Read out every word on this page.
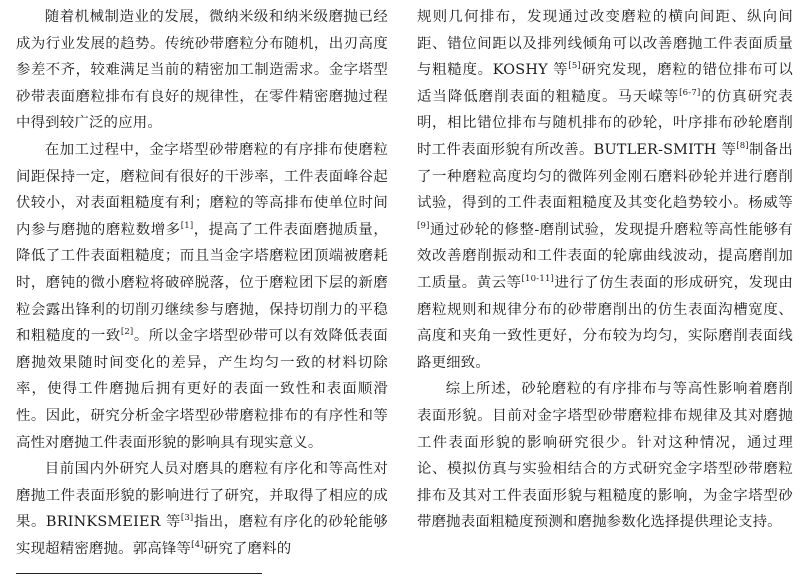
随着机械制造业的发展，微纳米级和纳米级磨抛已经成为行业发展的趋势。传统砂带磨粒分布随机，出刃高度参差不齐，较难满足当前的精密加工制造需求。金字塔型砂带表面磨粒排布有良好的规律性，在零件精密磨抛过程中得到较广泛的应用。

在加工过程中，金字塔型砂带磨粒的有序排布使磨粒间距保持一定，磨粒间有很好的干涉率，工件表面峰谷起伏较小，对表面粗糙度有利；磨粒的等高排布使单位时间内参与磨抛的磨粒数增多[1]，提高了工件表面磨抛质量，降低了工件表面粗糙度；而且当金字塔磨粒团顶端被磨耗时，磨钝的微小磨粒将破碎脱落，位于磨粒团下层的新磨粒会露出锋利的切削刃继续参与磨抛，保持切削力的平稳和粗糙度的一致[2]。所以金字塔型砂带可以有效降低表面磨抛效果随时间变化的差异，产生均匀一致的材料切除率，使得工件磨抛后拥有更好的表面一致性和表面顺滑性。因此，研究分析金字塔型砂带磨粒排布的有序性和等高性对磨抛工件表面形貌的影响具有现实意义。

目前国内外研究人员对磨具的磨粒有序化和等高性对磨抛工件表面形貌的影响进行了研究，并取得了相应的成果。BRINKSMEIER 等[3]指出，磨粒有序化的砂轮能够实现超精密磨抛。郭高锋等[4]研究了磨料的

规则几何排布，发现通过改变磨粒的横向间距、纵向间距、错位间距以及排列线倾角可以改善磨抛工件表面质量与粗糙度。KOSHY 等[5]研究发现，磨粒的错位排布可以适当降低磨削表面的粗糙度。马天嵘等[6-7]的仿真研究表明，相比错位排布与随机排布的砂轮，叶序排布砂轮磨削时工件表面形貌有所改善。BUTLER-SMITH 等[8]制备出了一种磨粒高度均匀的微阵列金刚石磨料砂轮并进行磨削试验，得到的工件表面粗糙度及其变化趋势较小。杨威等[9]通过砂轮的修整-磨削试验，发现提升磨粒等高性能够有效改善磨削振动和工件表面的轮廓曲线波动，提高磨削加工质量。黄云等[10-11]进行了仿生表面的形成研究，发现由磨粒规则和规律分布的砂带磨削出的仿生表面沟槽宽度、高度和夹角一致性更好，分布较为均匀，实际磨削表面线路更细致。

综上所述，砂轮磨粒的有序排布与等高性影响着磨削表面形貌。目前对金字塔型砂带磨粒排布规律及其对磨抛工件表面形貌的影响研究很少。针对这种情况，通过理论、模拟仿真与实验相结合的方式研究金字塔型砂带磨粒排布及其对工件表面形貌与粗糙度的影响，为金字塔型砂带磨抛表面粗糙度预测和磨抛参数化选择提供理论支持。
